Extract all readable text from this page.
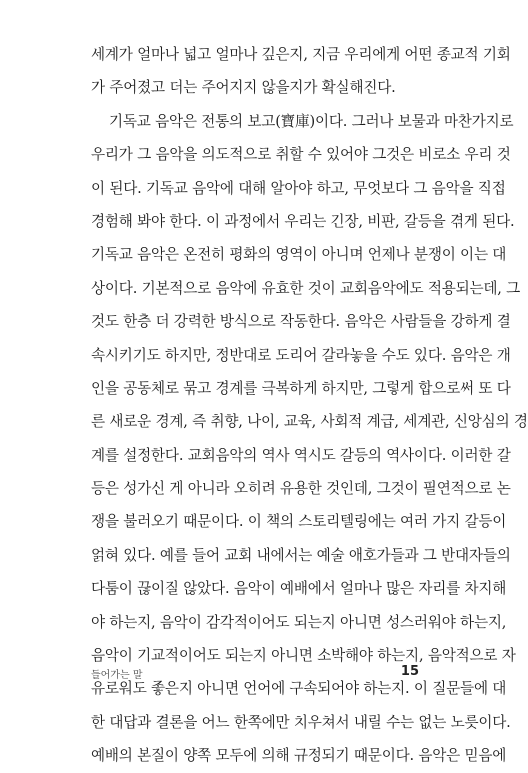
세계가 얼마나 넓고 얼마나 깊은지, 지금 우리에게 어떤 종교적 기회
가 주어졌고 더는 주어지지 않을지가 확실해진다.
기독교 음악은 전통의 보고(寶庫)이다. 그러나 보물과 마찬가지로
우리가 그 음악을 의도적으로 취할 수 있어야 그것은 비로소 우리 것
이 된다. 기독교 음악에 대해 알아야 하고, 무엇보다 그 음악을 직접
경험해 봐야 한다. 이 과정에서 우리는 긴장, 비판, 갈등을 겪게 된다.
기독교 음악은 온전히 평화의 영역이 아니며 언제나 분쟁이 이는 대
상이다. 기본적으로 음악에 유효한 것이 교회음악에도 적용되는데, 그
것도 한층 더 강력한 방식으로 작동한다. 음악은 사람들을 강하게 결
속시키기도 하지만, 정반대로 도리어 갈라놓을 수도 있다. 음악은 개
인을 공동체로 묶고 경계를 극복하게 하지만, 그렇게 합으로써 또 다
른 새로운 경계, 즉 취향, 나이, 교육, 사회적 계급, 세계관, 신앙심의 경
계를 설정한다. 교회음악의 역사 역시도 갈등의 역사이다. 이러한 갈
등은 성가신 게 아니라 오히려 유용한 것인데, 그것이 필연적으로 논
쟁을 불러오기 때문이다. 이 책의 스토리텔링에는 여러 가지 갈등이
얽혀 있다. 예를 들어 교회 내에서는 예술 애호가들과 그 반대자들의
다툼이 끊이질 않았다. 음악이 예배에서 얼마나 많은 자리를 차지해
야 하는지, 음악이 감각적이어도 되는지 아니면 성스러워야 하는지,
음악이 기교적이어도 되는지 아니면 소박해야 하는지, 음악적으로 자
유로워도 좋은지 아니면 언어에 구속되어야 하는지. 이 질문들에 대
한 대답과 결론을 어느 한쪽에만 치우쳐서 내릴 수는 없는 노릇이다.
예배의 본질이 양쪽 모두에 의해 규정되기 때문이다. 음악은 믿음에
들어가는 말	15
